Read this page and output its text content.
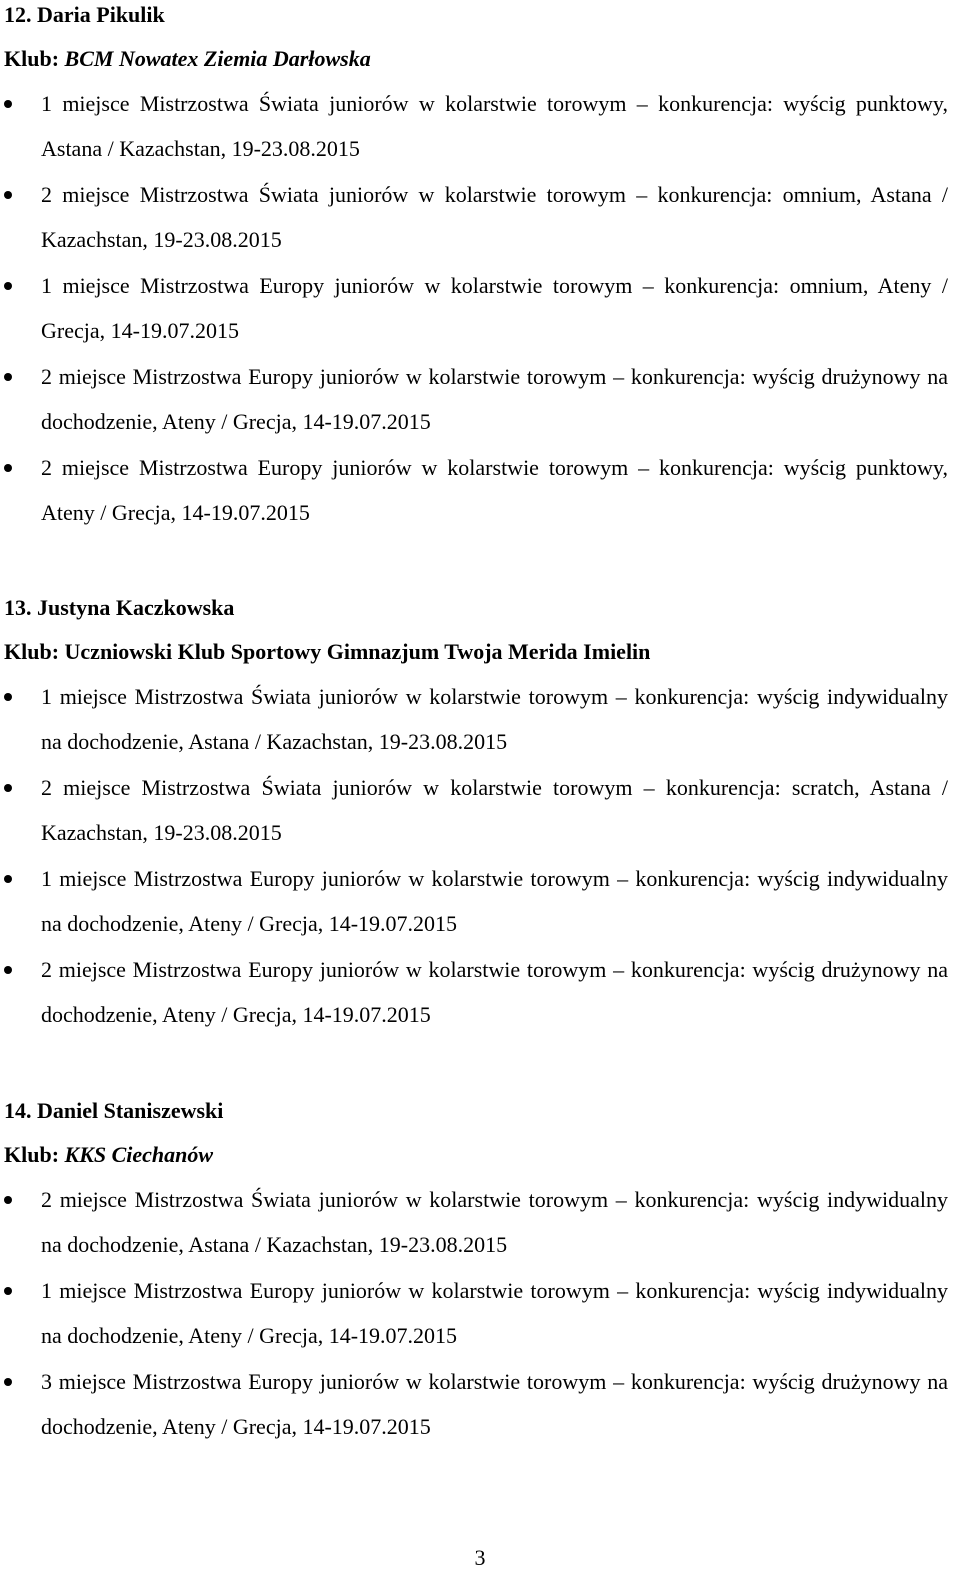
12. Daria Pikulik
Klub: BCM Nowatex Ziemia Darłowska
1 miejsce Mistrzostwa Świata juniorów w kolarstwie torowym – konkurencja: wyścig punktowy, Astana / Kazachstan, 19-23.08.2015
2 miejsce Mistrzostwa Świata juniorów w kolarstwie torowym – konkurencja: omnium, Astana / Kazachstan, 19-23.08.2015
1 miejsce Mistrzostwa Europy juniorów w kolarstwie torowym – konkurencja: omnium, Ateny / Grecja, 14-19.07.2015
2 miejsce Mistrzostwa Europy juniorów w kolarstwie torowym – konkurencja: wyścig drużynowy na dochodzenie, Ateny / Grecja, 14-19.07.2015
2 miejsce Mistrzostwa Europy juniorów w kolarstwie torowym – konkurencja: wyścig punktowy, Ateny / Grecja, 14-19.07.2015
13. Justyna Kaczkowska
Klub: Uczniowski Klub Sportowy Gimnazjum Twoja Merida Imielin
1 miejsce Mistrzostwa Świata juniorów w kolarstwie torowym – konkurencja: wyścig indywidualny na dochodzenie, Astana / Kazachstan, 19-23.08.2015
2 miejsce Mistrzostwa Świata juniorów w kolarstwie torowym – konkurencja: scratch, Astana / Kazachstan, 19-23.08.2015
1 miejsce Mistrzostwa Europy juniorów w kolarstwie torowym – konkurencja: wyścig indywidualny na dochodzenie, Ateny / Grecja, 14-19.07.2015
2 miejsce Mistrzostwa Europy juniorów w kolarstwie torowym – konkurencja: wyścig drużynowy na dochodzenie, Ateny / Grecja, 14-19.07.2015
14. Daniel Staniszewski
Klub: KKS Ciechanów
2 miejsce Mistrzostwa Świata juniorów w kolarstwie torowym – konkurencja: wyścig indywidualny na dochodzenie, Astana / Kazachstan, 19-23.08.2015
1 miejsce Mistrzostwa Europy juniorów w kolarstwie torowym – konkurencja: wyścig indywidualny na dochodzenie, Ateny / Grecja, 14-19.07.2015
3 miejsce Mistrzostwa Europy juniorów w kolarstwie torowym – konkurencja: wyścig drużynowy na dochodzenie, Ateny / Grecja, 14-19.07.2015
3
